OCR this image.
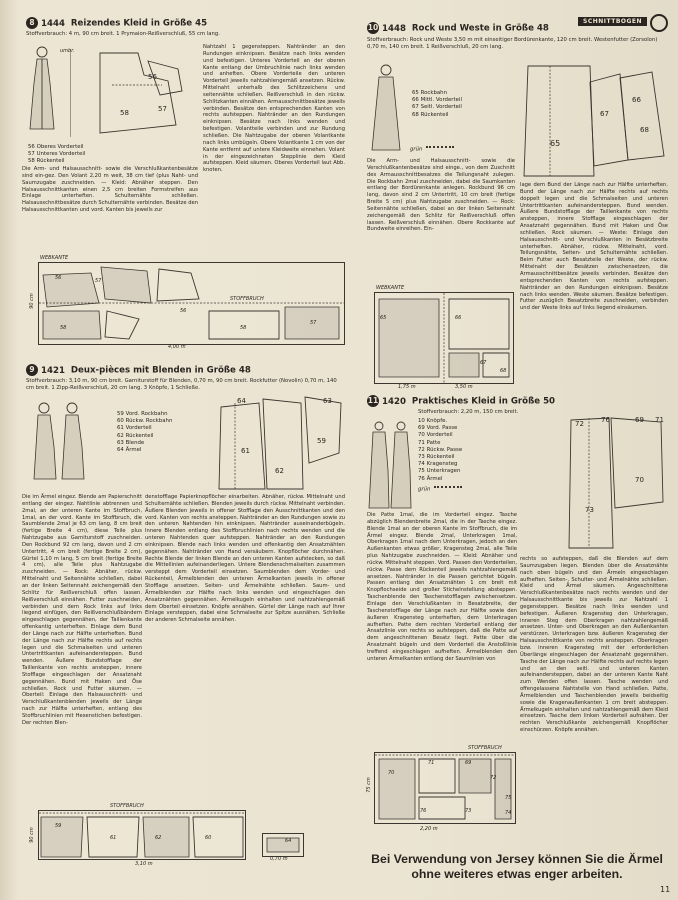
8 1444 Reizendes Kleid in Größe 45
Stoffverbrauch: 4 m, 90 cm breit. 1 Prymaion-Reißverschluß, 55 cm lang.
umbr.
56
58	57
56 Oberes Vorderteil
57 Unteres Vorderteil
58 Rückenteil
Die Arm- und Halsausschnitt- sowie die Verschlußkantenbesätze sind ein-gez. Den Volant 2,20 m weit, 38 cm tief (plus Naht- und Saumzugabe zuschneiden. — Kleid: Abnäher steppen. Den Halsausschnittkanten einen 2,5 cm breiten Formstreifen aus Einlage unterheften. Schulternähte schließen. Halsausschnittbesätze durch Schulternähte verbinden. Besätze den Halsausschnittkanten und vord. Kanten bis jeweils zur
Nahtzahl 1 gegensteppen. Nahtränder an den Rundungen einknipsen. Besätze nach links wenden und befestigen. Unteres Vorderteil an der oberen Kante entlang der Umbruchlinie nach links wenden und anheften. Obere Vorderteile den unteren Vorderteil jeweils nahtzahlengemäß ansetzen. Rückw. Mittelnaht unterhalb des Schlitzzeichens und seitennähte schließen. Reißverschluß in den rückw. Schlitzkanten einnähen. Armausschnittbesätze jeweils verbinden. Besätze den entsprechenden Kanten von rechts aufsteppen. Nahtränder an den Rundungen einknipsen. Besätze nach links wenden und befestigen. Volantteile verbinden und zur Rundung schließen. Die Nahtzugabe der oberen Volantkante nach links umbügeln. Obere Volantkante 1 cm von der Kante entfernt auf untere Kleidweite einnehen. Volant in der eingezeichneten Stepplinie dem Kleid aufsteppen. Kleid säumen. Oberes Vorderteil laut Abb. knoten.
WEBKANTE
STOFFBRUCH
4,00 m
90 cm
56	57
58	58
57
56
9 1421 Deux-pièces mit Blenden in Größe 48
Stoffverbrauch: 3,10 m, 90 cm breit. Garniturstoff für Blenden, 0,70 m, 90 cm breit. Rockfutter (Novolin) 0,70 m, 140 cm breit. 1 Zipp-Reißverschluß, 20 cm lang. 3 Knöpfe, 1 Schließe.
59 Vord. Rockbahn
60 Rückw. Rockbahn
61 Vorderteil
62 Rückenteil
63 Blende
64 Ärmel
64	63
61
62
59
Die im Ärmel eingez. Blende am Papierschnitt entlang der eingez. Nahtlinie abtrennen und 2mal, an der unteren Kante im Stoffbruch, 1mal, an der vord. Kante im Stoffbruch, die Saumblende 2mal je 63 cm lang, 8 cm breit (fertige Breite 4 cm), diese Teile plus Nahtzugabe aus Garniturstoff zuschneiden. Den Rockbund 92 cm lang, davon und 2 cm Untertritt, 4 cm breit (fertige Breite 2 cm), Gürtel 1,10 m lang, 5 cm breit (fertige Breite 4 cm), alle Teile plus Nahtzugabe zuschneiden. — Rock: Abnäher, rückw. Mittelnaht und Seitennähte schließen, dabei an der linken Seitennaht zeichengemäß den Schlitz für Reißverschluß offen lassen. Reißverschluß einnähen. Futter zuschneiden, verbinden und dem Rock links auf links liegend einfügen, den Reißverschlußbändern eingeschlagen gegennähen, der Taillenkante offenkantig unterheften. Einlage dem Bund der Länge nach zur Hälfte unterheften. Bund der Länge nach zur Hälfte rechts auf rechts legen und die Schmalseiten und unteren Untertrittkanten aufeinandersteppen. Bund wenden. Äußere Bundstofflage der Taillenkante von rechts ansteppen, innere Stofflage eingeschlagen der Ansatznaht gegennähen. Bund mit Haken und Öse schließen. Rock und Futter säumen. — Oberteil: Einlage den Halsausschnitt- und Verschlußkantenblenden jeweils der Länge nach zur Hälfte unterheften, entlang des Stoffbruchlinien mit Hexenstichen befestigen. Der rechten Blen-
denstofflage Papierknopflöcher einarbeiten. Abnäher, rückw. Mittelnaht und Schulternähte schließen. Blenden jeweils durch rückw. Mittelnaht verbinden. Äußere Blenden jeweils in offener Stofflage den Ausschnittkanten und den vord. Kanten von rechts ansteppen. Nahtränder an den Rundungen sowie zu den unteren Nahtenden hin einknipsen. Nahtränder auseinanderbügeln. Innere Blenden entlang des Stoffbruchlinien nach rechts wenden und die unteren Nahtenden quer aufsteppen. Nahtränder an den Rundungen einknipsen. Blende nach links wenden und offenkantig den Ansatznähten gegennähen. Nahtränder von Hand versäubern. Knopflöcher durchnähen. Rechte Blende der linken Blende an den unteren Kanten aufstecken, so daß die Mittellinien aufeinanderliegen. Untere Blendenschmalseiten zusammen versteppt dem Vorderteil einsetzen. Saumblenden dem Vorder- und Rückenteil, Ärmelblenden den unteren Ärmelkanten jeweils in offener Stofflage ansetzen. Seiten- und Ärmelnähte schließen. Saum- und Ärmelblenden zur Hälfte nach links wenden und eingeschlagen den Ansatznähten gegennähen. Ärmelkugeln einhalten und nahtzahlengemäß dem Oberteil einsetzen. Knöpfe annähen. Gürtel der Länge nach auf Ihrer Einlage versteppen, dabei eine Schmalseite zur Spitze ausnähen. Schließe der anderen Schmalseite annähen.
STOFFBRUCH
3,10 m
90 cm
0,70 m
59
61	62	60	64
SCHNITTBOGEN
10 1448 Rock und Weste in Größe 48
Stoffverbrauch: Rock und Weste 3,50 m mit einseitiger Bordürenkante, 120 cm breit. Westenfutter (Zorsolon) 0,70 m, 140 cm breit. 1 Reißverschluß, 20 cm lang.
65 Rockbahn
66 Mittl. Vorderteil
67 Seitl. Vorderteil
68 Rückenteil
grün
65
67
68
66
Die Arm- und Halsausschnitt- sowie die Verschlußkantenbesätze sind einge., von dem Zuschnitt des Armausschnittbesatzes die Teilungsnaht zulegen. Die Rockbahn 2mal zuschneiden, dabei die Saumkanten entlang der Bordürenkante anlegen. Rockbund 96 cm lang, davon sind 2 cm Untertritt, 10 cm breit (fertige Breite 5 cm) plus Nahtzugabe zuschneiden. — Rock: Seitennähte schließen, dabei an der linken Seitennaht zeichengemäß den Schlitz für Reißverschluß offen lassen. Reißverschluß einnähen. Obere Rockkante auf Bundweite einreihen. Ein-
lage dem Bund der Länge nach zur Hälfte unterheften. Bund der Länge nach zur Hälfte rechts auf rechts doppelt legen und die Schmalseiten und unteren Untertrittkanten aufeinandersteppen. Bund wenden. Äußere Bundstofflage der Taillenkante von rechts ansteppen, innere Stofflage eingeschlagen der Ansatznaht gegennähen. Bund mit Haken und Öse schließen. Rock säumen. — Weste: Einlage den Halsausschnitt- und Verschlußkanten in Besätzbreite unterheften. Abnäher, rückw. Mittelnaht, vord. Teilungsnähte, Seiten- und Schulternähte schließen. Beim Futter auch Besatzteile der Weste, der rückw. Mittelnaht der Besätzen zwischensetzen, die Armausschnittbesätze jeweils verbinden. Besätze den entsprechenden Kanten von rechts aufsteppen. Nahtränder an den Rundungen einknipsen. Besätze nach links wenden. Weste säumen. Besätze befestigen. Futter zuzüglich Besatzbreite zuschneiden, verbinden und der Weste links auf links liegend einsäumen.
WEBKANTE
1,75 m	3,50 m
65	66
67
68
11 1420 Praktisches Kleid in Größe 50
Stoffverbrauch: 2,20 m, 150 cm breit.
10 Knöpfe.
69 Vord. Passe
70 Vorderteil
71 Patte
72 Rückw. Passe
73 Rückenteil
74 Kragensteg
75 Unterkragen
76 Ärmel
grün
72 76	69 71
73
70
Die Patte 1mal, die im Vorderteil eingez. Tasche abzüglich Blendenbreite 2mal, die in der Tasche eingez. Blende 1mal an der oberen Kante im Stoffbruch, die im Ärmel eingez. Blende 2mal, Unterkragen 1mal, Oberkragen 1mal nach dem Unterkragen, jedoch an den Außenkanten etwas größer, Kragensteg 2mal, alle Teile plus Nahtzugabe zuschneiden. — Kleid: Abnäher und rückw. Mittelnaht steppen. Vord. Passen den Vorderteilen, rückw. Passe dem Rückenteil jeweils nahtzahlengemäß ansetzen. Nahtränder in die Passen gerichtet bügeln. Passen entlang den Ansatznähten 1 cm breit mit Knopflochseide und großer Stichelnstellung absteppen. Taschenblende den Taschenstofflagen zwischensetzen. Einlage den Verschlußkanten in Besatzbreite, der Taschenstofflage der Länge nach zur Hälfte sowie den äußeren Kragensteg unterheften, dem Unterkragen aufheften. Patte dem rechten Vorderteil entlang der Ansatzlinie von rechts so aufsteppen, daß die Patte auf dem angeschnittenen Besatz liegt. Patte über die Ansatznaht bügeln und dem Vorderteil die Anstoßlinie treffend eingeschlagen aufheften. Ärmelblenden den unteren Ärmelkanten entlang der Saumlinien von
rechts so aufsteppen, daß die Blenden auf dem Saumzugaben liegen. Blenden über die Ansatznähte nach oben bügeln und den Ärmeln eingeschlagen aufheften. Seiten-, Schulter- und Ärmelnähte schließen. Kleid und Ärmel säumen. Angeschnittene Verschlußkantenbesätze nach rechts wenden und der Halsausschnittkante bis jeweils zur Nahtzahl 1 gegensteppen. Besätze nach links wenden und befestigen. Äußeren Kragensteg den Unterkragen, inneren Steg dem Oberkragen nahtzahlengemäß ansetzen. Unter- und Oberkragen an den Außenkanten verstürzen. Unterkragen bzw. äußeren Kragensteg der Halsausschnittkante von rechts ansteppen. Oberkragen bzw. inneren Kragensteg mit der erforderlichen Überlänge eingeschlagen der Ansatznaht gegennähen. Tasche der Länge nach zur Hälfte rechts auf rechts legen und an den seitl. und unteren Kanten aufeinandersteppen, dabei an der unteren Kante Naht zum Wenden offen lassen. Tasche wenden und offengelassene Nahtstelle von Hand schließen. Patte, Ärmelblenden und Taschenblenden jeweils beidseitig sowie die Kragenaußenkanten 1 cm breit absteppen. Ärmelkugeln einhalten und nahtzahlengemäß dem Kleid einsetzen. Tasche dem linken Vorderteil aufnähen. Der rechten Verschlußkante zeichengemäß Knopflöcher einschürzen. Knöpfe annähen.
STOFFBRUCH
2,20 m
75 cm
70
71	69
72
76	73
75
74
Bei Verwendung von Jersey können Sie die Ärmel ohne weiteres etwas enger arbeiten.
11
